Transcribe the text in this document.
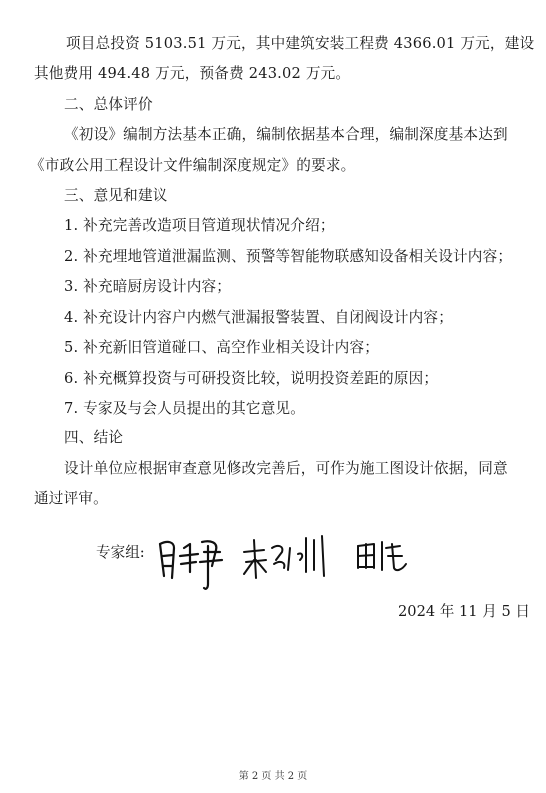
项目总投资 5103.51 万元，其中建筑安装工程费 4366.01 万元，建设

其他费用 494.48 万元，预备费 243.02 万元。

二、总体评价

《初设》编制方法基本正确，编制依据基本合理，编制深度基本达到

《市政公用工程设计文件编制深度规定》的要求。

三、意见和建议

1. 补充完善改造项目管道现状情况介绍；

2. 补充埋地管道泄漏监测、预警等智能物联感知设备相关设计内容；

3. 补充暗厨房设计内容；

4. 补充设计内容户内燃气泄漏报警装置、自闭阀设计内容；

5. 补充新旧管道碰口、高空作业相关设计内容；

6. 补充概算投资与可研投资比较，说明投资差距的原因；

7. 专家及与会人员提出的其它意见。

四、结论

设计单位应根据审查意见修改完善后，可作为施工图设计依据，同意

通过评审。

专家组:
2024 年 11 月 5 日
第 2 页 共 2 页
